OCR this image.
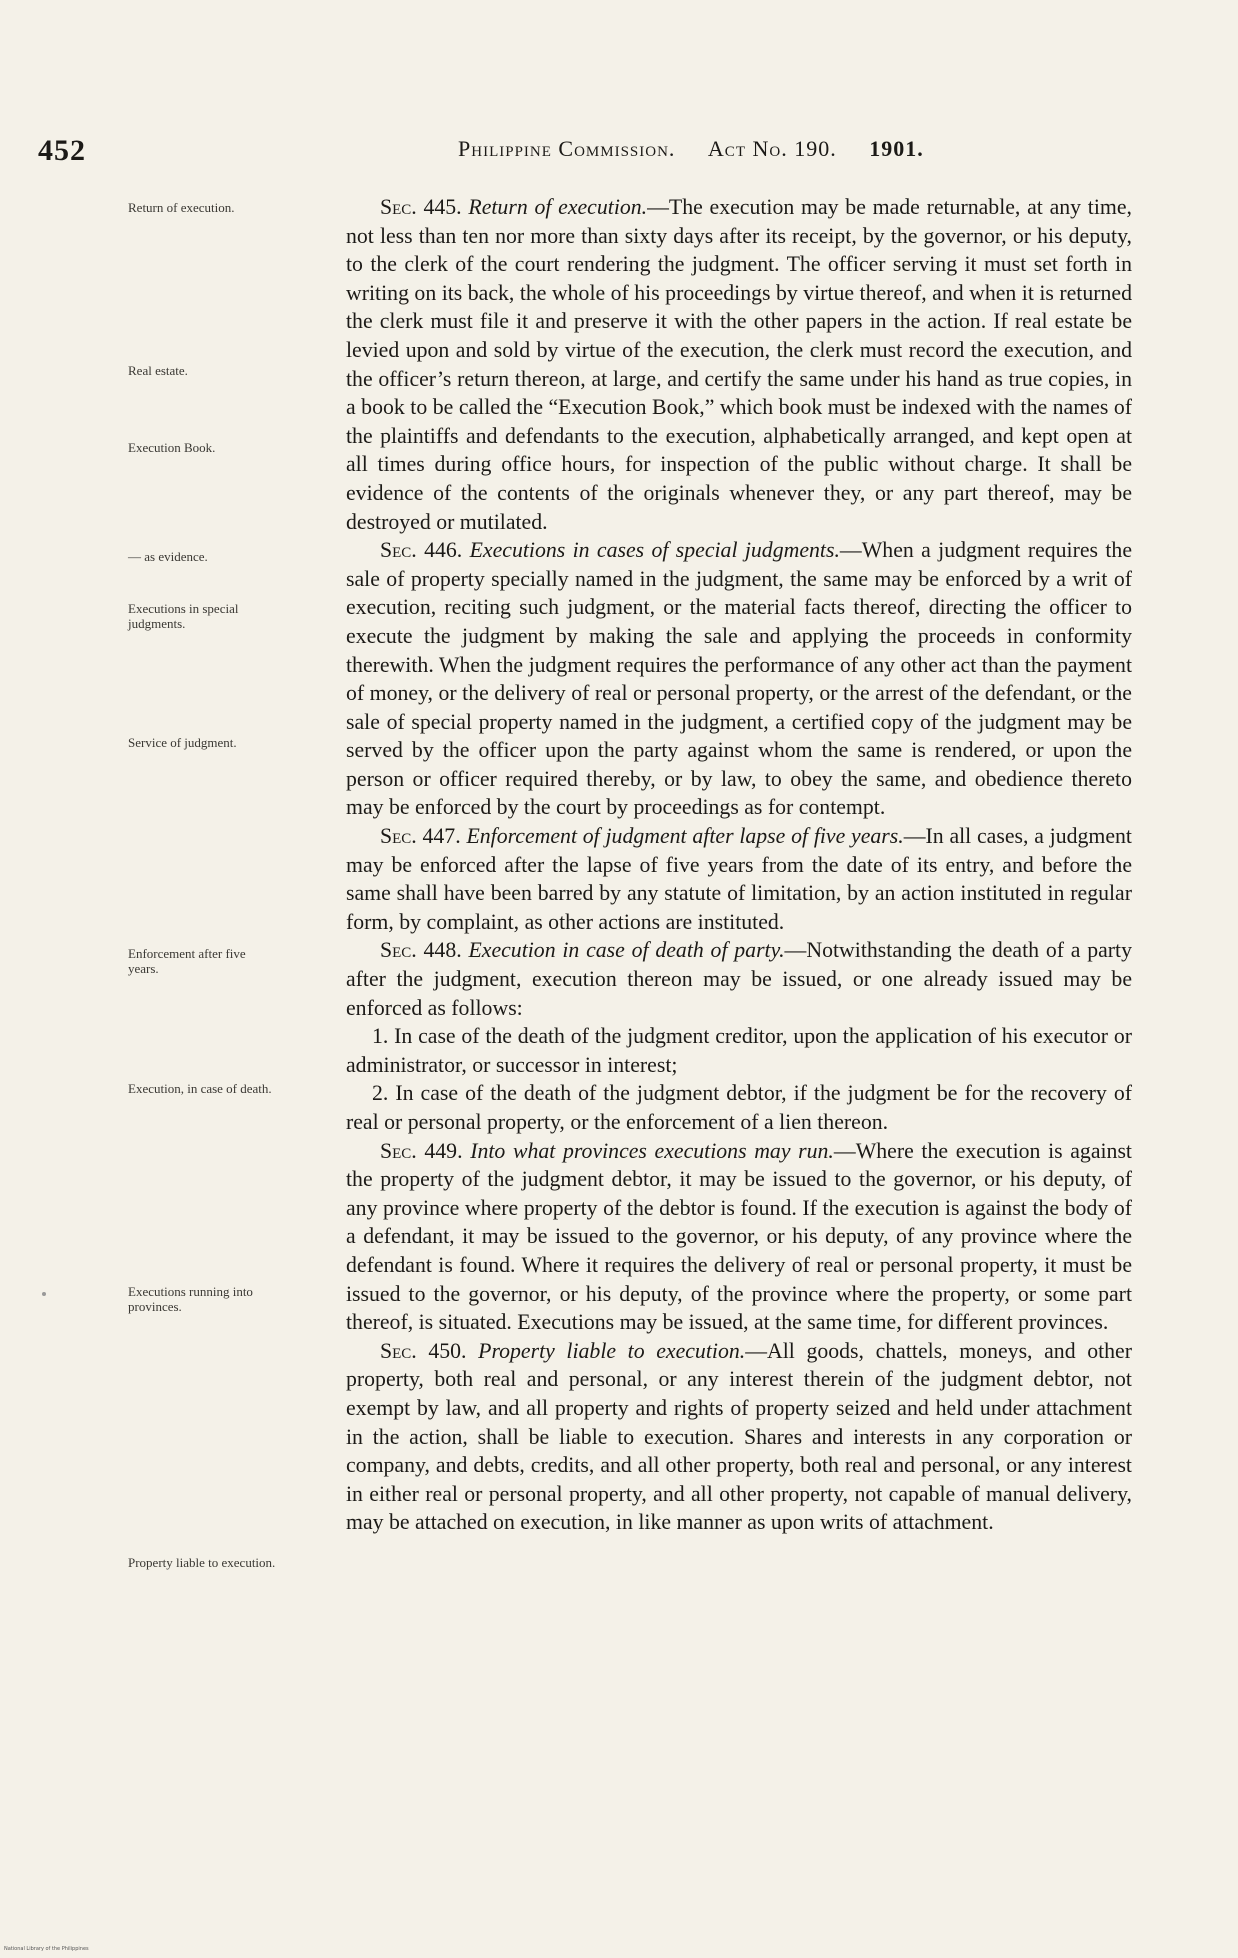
452	Philippine Commission. Act No. 190. 1901.
Return of execution.
Real estate.
Execution Book.
— as evidence.
Executions in special judgments.
Service of judgment.
Enforcement after five years.
Execution, in case of death.
Executions running into provinces.
Property liable to execution.

Sec. 445. Return of execution.—The execution may be made returnable, at any time, not less than ten nor more than sixty days after its receipt, by the governor, or his deputy, to the clerk of the court rendering the judgment. The officer serving it must set forth in writing on its back, the whole of his proceedings by virtue thereof, and when it is returned the clerk must file it and preserve it with the other papers in the action. If real estate be levied upon and sold by virtue of the execution, the clerk must record the execution, and the officer’s return thereon, at large, and certify the same under his hand as true copies, in a book to be called the “Execution Book,” which book must be indexed with the names of the plaintiffs and defendants to the execution, alphabetically arranged, and kept open at all times during office hours, for inspection of the public without charge. It shall be evidence of the contents of the originals whenever they, or any part thereof, may be destroyed or mutilated.

Sec. 446. Executions in cases of special judgments.—When a judgment requires the sale of property specially named in the judgment, the same may be enforced by a writ of execution, reciting such judgment, or the material facts thereof, directing the officer to execute the judgment by making the sale and applying the proceeds in conformity therewith. When the judgment requires the performance of any other act than the payment of money, or the delivery of real or personal property, or the arrest of the defendant, or the sale of special property named in the judgment, a certified copy of the judgment may be served by the officer upon the party against whom the same is rendered, or upon the person or officer required thereby, or by law, to obey the same, and obedience thereto may be enforced by the court by proceedings as for contempt.

Sec. 447. Enforcement of judgment after lapse of five years.—In all cases, a judgment may be enforced after the lapse of five years from the date of its entry, and before the same shall have been barred by any statute of limitation, by an action instituted in regular form, by complaint, as other actions are instituted.

Sec. 448. Execution in case of death of party.—Notwithstanding the death of a party after the judgment, execution thereon may be issued, or one already issued may be enforced as follows:

1. In case of the death of the judgment creditor, upon the application of his executor or administrator, or successor in interest;

2. In case of the death of the judgment debtor, if the judgment be for the recovery of real or personal property, or the enforcement of a lien thereon.

Sec. 449. Into what provinces executions may run.—Where the execution is against the property of the judgment debtor, it may be issued to the governor, or his deputy, of any province where property of the debtor is found. If the execution is against the body of a defendant, it may be issued to the governor, or his deputy, of any province where the defendant is found. Where it requires the delivery of real or personal property, it must be issued to the governor, or his deputy, of the province where the property, or some part thereof, is situated. Executions may be issued, at the same time, for different provinces.

Sec. 450. Property liable to execution.—All goods, chattels, moneys, and other property, both real and personal, or any interest therein of the judgment debtor, not exempt by law, and all property and rights of property seized and held under attachment in the action, shall be liable to execution. Shares and interests in any corporation or company, and debts, credits, and all other property, both real and personal, or any interest in either real or personal property, and all other property, not capable of manual delivery, may be attached on execution, in like manner as upon writs of attachment.

National Library of the Philippines
